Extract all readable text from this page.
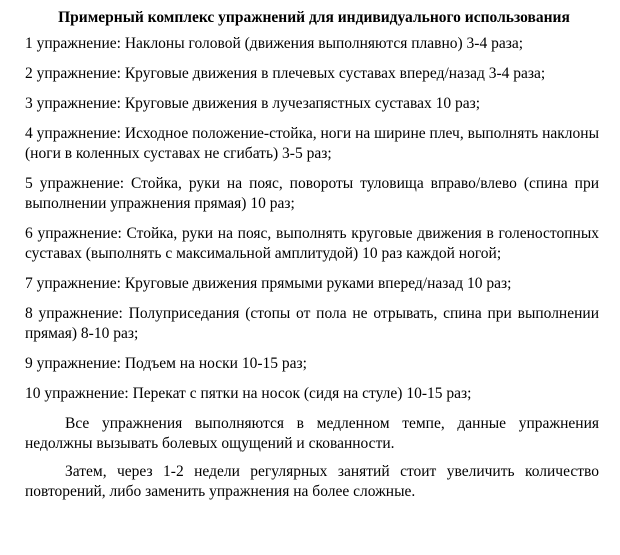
Примерный комплекс упражнений для индивидуального использования
1 упражнение: Наклоны головой (движения выполняются плавно) 3-4 раза;
2 упражнение: Круговые движения в плечевых суставах вперед/назад 3-4 раза;
3 упражнение: Круговые движения в лучезапястных суставах 10 раз;
4 упражнение: Исходное положение-стойка, ноги на ширине плеч, выполнять наклоны (ноги в коленных суставах не сгибать) 3-5 раз;
5 упражнение: Стойка, руки на пояс, повороты туловища вправо/влево (спина при выполнении упражнения прямая) 10 раз;
6 упражнение: Стойка, руки на пояс, выполнять круговые движения в голеностопных суставах (выполнять с максимальной амплитудой) 10 раз каждой ногой;
7 упражнение: Круговые движения прямыми руками вперед/назад 10 раз;
8 упражнение: Полуприседания (стопы от пола не отрывать, спина при выполнении прямая) 8-10 раз;
9 упражнение: Подъем на носки 10-15 раз;
10 упражнение: Перекат с пятки на носок (сидя на стуле) 10-15 раз;
Все упражнения выполняются в медленном темпе, данные упражнения недолжны вызывать болевых ощущений и скованности.
Затем, через 1-2 недели регулярных занятий стоит увеличить количество повторений, либо заменить упражнения на более сложные.
